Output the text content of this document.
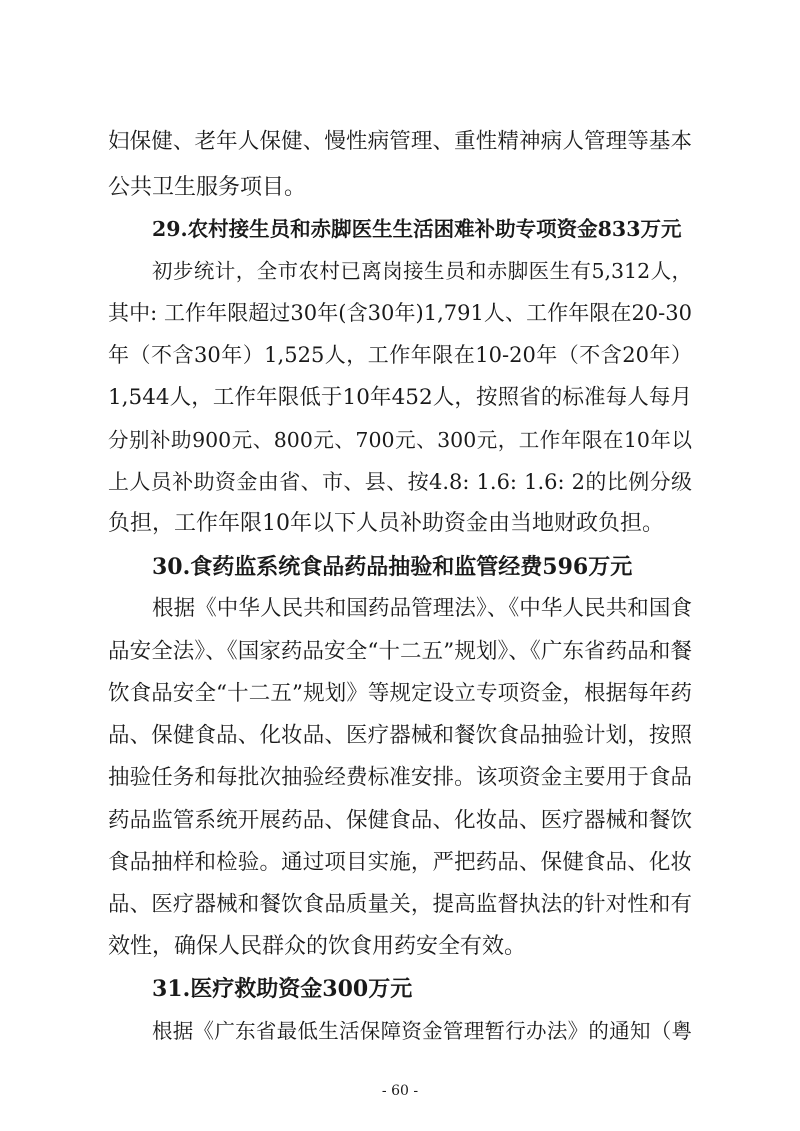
妇保健、老年人保健、慢性病管理、重性精神病人管理等基本
公共卫生服务项目。
29.农村接生员和赤脚医生生活困难补助专项资金833万元
初步统计，全市农村已离岗接生员和赤脚医生有5,312人，
其中: 工作年限超过30年(含30年)1,791人、工作年限在20-30
年（不含30年）1,525人，工作年限在10-20年（不含20年）
1,544人，工作年限低于10年452人，按照省的标准每人每月
分别补助900元、800元、700元、300元，工作年限在10年以
上人员补助资金由省、市、县、按4.8: 1.6: 1.6: 2的比例分级
负担，工作年限10年以下人员补助资金由当地财政负担。
30.食药监系统食品药品抽验和监管经费596万元
根据《中华人民共和国药品管理法》、《中华人民共和国食
品安全法》、《国家药品安全“十二五”规划》、《广东省药品和餐
饮食品安全“十二五”规划》等规定设立专项资金，根据每年药
品、保健食品、化妆品、医疗器械和餐饮食品抽验计划，按照
抽验任务和每批次抽验经费标准安排。该项资金主要用于食品
药品监管系统开展药品、保健食品、化妆品、医疗器械和餐饮
食品抽样和检验。通过项目实施，严把药品、保健食品、化妆
品、医疗器械和餐饮食品质量关，提高监督执法的针对性和有
效性，确保人民群众的饮食用药安全有效。
31.医疗救助资金300万元
根据《广东省最低生活保障资金管理暂行办法》的通知（粤
- 60 -
